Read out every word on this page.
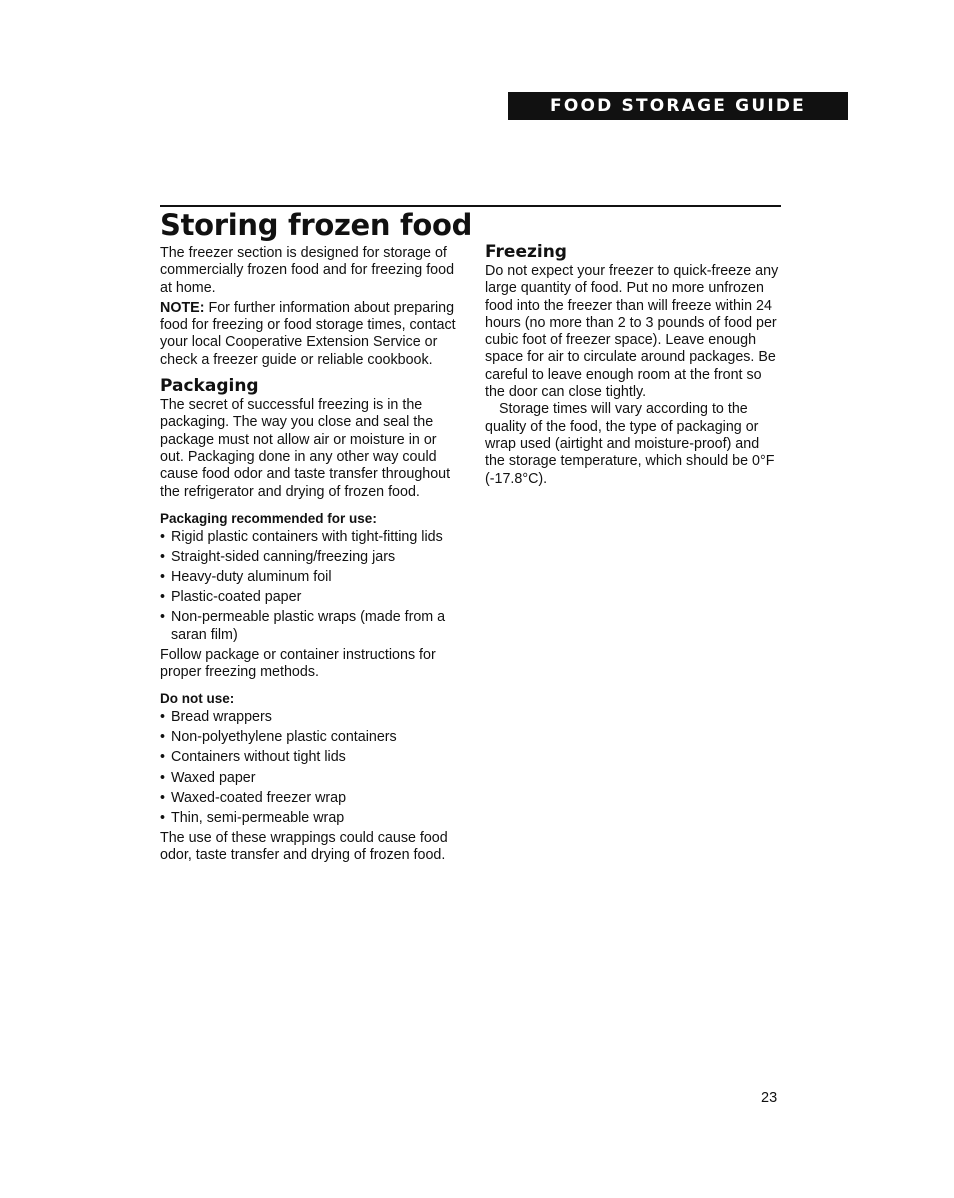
FOOD STORAGE GUIDE
Storing frozen food

The freezer section is designed for storage of commercially frozen food and for freezing food at home.

NOTE: For further information about preparing food for freezing or food storage times, contact your local Cooperative Extension Service or check a freezer guide or reliable cookbook.

Packaging

The secret of successful freezing is in the packaging. The way you close and seal the package must not allow air or moisture in or out. Packaging done in any other way could cause food odor and taste transfer throughout the refrigerator and drying of frozen food.

Packaging recommended for use:

• Rigid plastic containers with tight-fitting lids
• Straight-sided canning/freezing jars
• Heavy-duty aluminum foil
• Plastic-coated paper
• Non-permeable plastic wraps (made from a saran film)

Follow package or container instructions for proper freezing methods.

Do not use:

• Bread wrappers
• Non-polyethylene plastic containers
• Containers without tight lids
• Waxed paper
• Waxed-coated freezer wrap
• Thin, semi-permeable wrap

The use of these wrappings could cause food odor, taste transfer and drying of frozen food.

Freezing

Do not expect your freezer to quick-freeze any large quantity of food. Put no more unfrozen food into the freezer than will freeze within 24 hours (no more than 2 to 3 pounds of food per cubic foot of freezer space). Leave enough space for air to circulate around packages. Be careful to leave enough room at the front so the door can close tightly.

Storage times will vary according to the quality of the food, the type of packaging or wrap used (airtight and moisture-proof) and the storage temperature, which should be 0°F (-17.8°C).

23
